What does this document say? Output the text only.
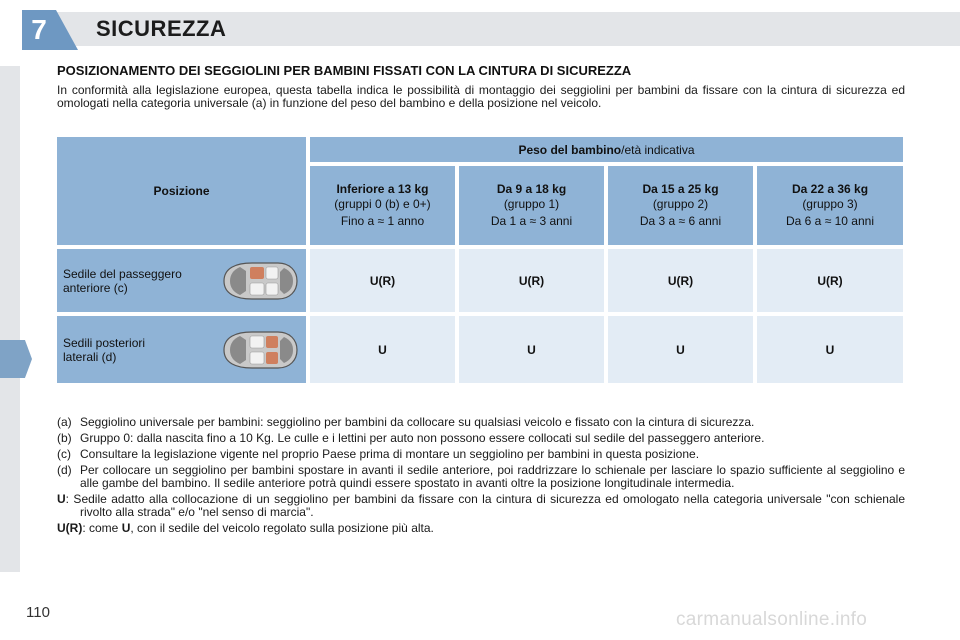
7	SICUREZZA
POSIZIONAMENTO DEI SEGGIOLINI PER BAMBINI FISSATI CON LA CINTURA DI SICUREZZA
In conformità alla legislazione europea, questa tabella indica le possibilità di montaggio dei seggiolini per bambini da fissare con la cintura di sicurezza ed omologati nella categoria universale (a) in funzione del peso del bambino e della posizione nel veicolo.
Posizione
Peso del bambino /età indicativa
Inferiore a 13 kg
(gruppi 0 (b) e 0+)
Fino a ≈ 1 anno
Da 9 a 18 kg
(gruppo 1)
Da 1 a ≈ 3 anni
Da 15 a 25 kg
(gruppo 2)
Da 3 a ≈ 6 anni
Da 22 a 36 kg
(gruppo 3)
Da 6 a ≈ 10 anni
Sedile del passeggero
anteriore (c)	U(R)	U(R)	U(R)	U(R)
Sedili posteriori
laterali (d)	U	U	U	U
(a) Seggiolino universale per bambini: seggiolino per bambini da collocare su qualsiasi veicolo e fissato con la cintura di sicurezza.
(b) Gruppo 0: dalla nascita fino a 10 Kg. Le culle e i lettini per auto non possono essere collocati sul sedile del passeggero anteriore.
(c) Consultare la legislazione vigente nel proprio Paese prima di montare un seggiolino per bambini in questa posizione.
(d) Per collocare un seggiolino per bambini spostare in avanti il sedile anteriore, poi raddrizzare lo schienale per lasciare lo spazio sufficiente al seggiolino e alle gambe del bambino. Il sedile anteriore potrà quindi essere spostato in avanti oltre la posizione longitudinale intermedia.
U: Sedile adatto alla collocazione di un seggiolino per bambini da fissare con la cintura di sicurezza ed omologato nella categoria universale "con schienale rivolto alla strada" e/o "nel senso di marcia".
U(R): come U, con il sedile del veicolo regolato sulla posizione più alta.
110	carmanualsonline.info
